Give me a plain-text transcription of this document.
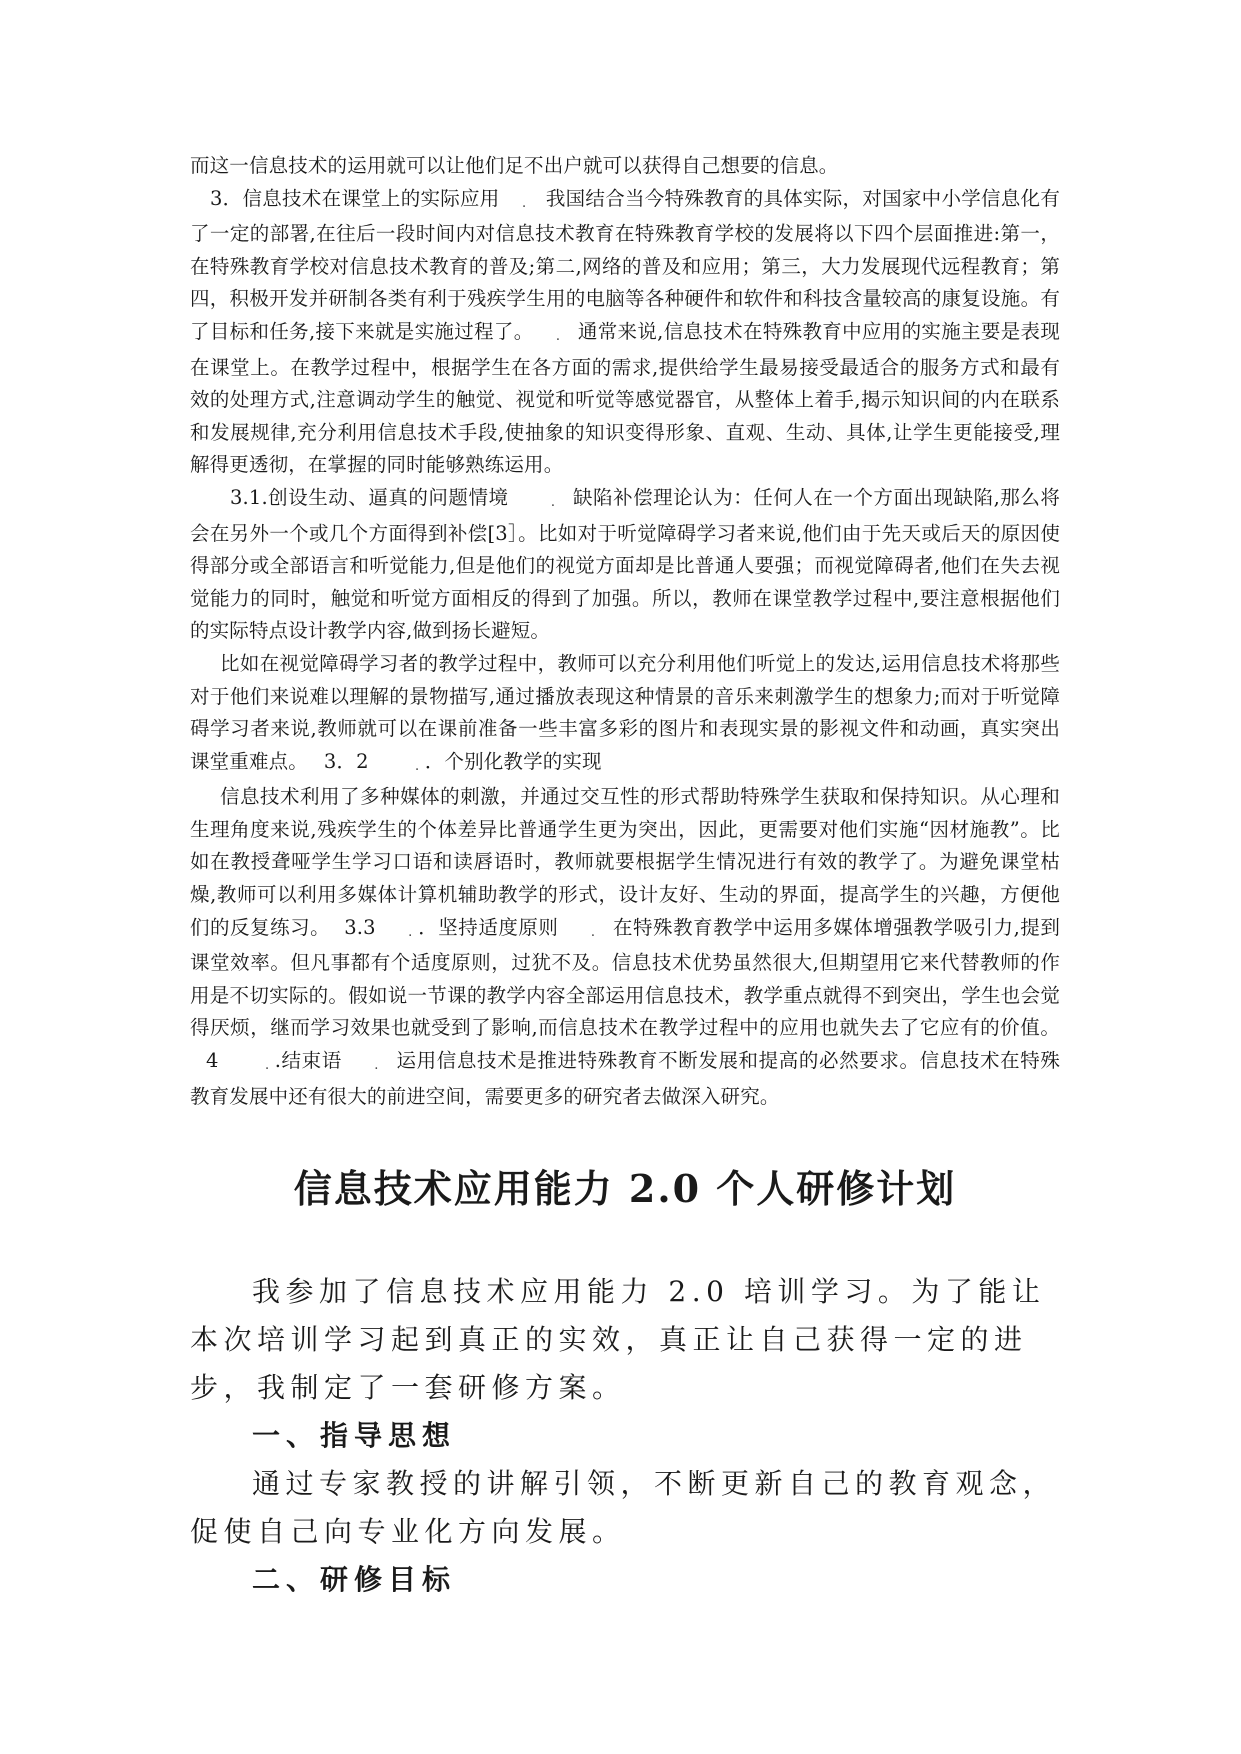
而这一信息技术的运用就可以让他们足不出户就可以获得自己想要的信息。

3．信息技术在课堂上的实际应用 ฺ 我国结合当今特殊教育的具体实际，对国家中小学信息化有了一定的部署,在往后一段时间内对信息技术教育在特殊教育学校的发展将以下四个层面推进:第一，在特殊教育学校对信息技术教育的普及;第二,网络的普及和应用；第三，大力发展现代远程教育；第四，积极开发并研制各类有利于残疾学生用的电脑等各种硬件和软件和科技含量较高的康复设施。有了目标和任务,接下来就是实施过程了。 ฺ 通常来说,信息技术在特殊教育中应用的实施主要是表现在课堂上。在教学过程中，根据学生在各方面的需求,提供给学生最易接受最适合的服务方式和最有效的处理方式,注意调动学生的触觉、视觉和听觉等感觉器官，从整体上着手,揭示知识间的内在联系和发展规律,充分利用信息技术手段,使抽象的知识变得形象、直观、生动、具体,让学生更能接受,理解得更透彻，在掌握的同时能够熟练运用。

3.1.创设生动、逼真的问题情境	ฺ 缺陷补偿理论认为：任何人在一个方面出现缺陷,那么将会在另外一个或几个方面得到补偿[3］。比如对于听觉障碍学习者来说,他们由于先天或后天的原因使得部分或全部语言和听觉能力,但是他们的视觉方面却是比普通人要强；而视觉障碍者,他们在失去视觉能力的同时，触觉和听觉方面相反的得到了加强。所以，教师在课堂教学过程中,要注意根据他们的实际特点设计教学内容,做到扬长避短。

比如在视觉障碍学习者的教学过程中，教师可以充分利用他们听觉上的发达,运用信息技术将那些对于他们来说难以理解的景物描写,通过播放表现这种情景的音乐来刺激学生的想象力;而对于听觉障碍学习者来说,教师就可以在课前准备一些丰富多彩的图片和表现实景的影视文件和动画，真实突出课堂重难点。 3．2	ฺ ．个别化教学的实现

信息技术利用了多种媒体的刺激，并通过交互性的形式帮助特殊学生获取和保持知识。从心理和生理角度来说,残疾学生的个体差异比普通学生更为突出，因此，更需要对他们实施“因材施教”。比如在教授聋哑学生学习口语和读唇语时，教师就要根据学生情况进行有效的教学了。为避免课堂枯燥,教师可以利用多媒体计算机辅助教学的形式，设计友好、生动的界面，提高学生的兴趣，方便他们的反复练习。 3.3	ฺ ．坚持适度原则	ฺ 在特殊教育教学中运用多媒体增强教学吸引力,提到课堂效率。但凡事都有个适度原则，过犹不及。信息技术优势虽然很大,但期望用它来代替教师的作用是不切实际的。假如说一节课的教学内容全部运用信息技术，教学重点就得不到突出，学生也会觉得厌烦，继而学习效果也就受到了影响,而信息技术在教学过程中的应用也就失去了它应有的价值。4	ฺ .结束语	ฺ 运用信息技术是推进特殊教育不断发展和提高的必然要求。信息技术在特殊教育发展中还有很大的前进空间，需要更多的研究者去做深入研究。

信息技术应用能力 2.0 个人研修计划

我参加了信息技术应用能力 2.0 培训学习。为了能让本次培训学习起到真正的实效，真正让自己获得一定的进步，我制定了一套研修方案。

一、指导思想

通过专家教授的讲解引领，不断更新自己的教育观念，促使自己向专业化方向发展。

二、研修目标
